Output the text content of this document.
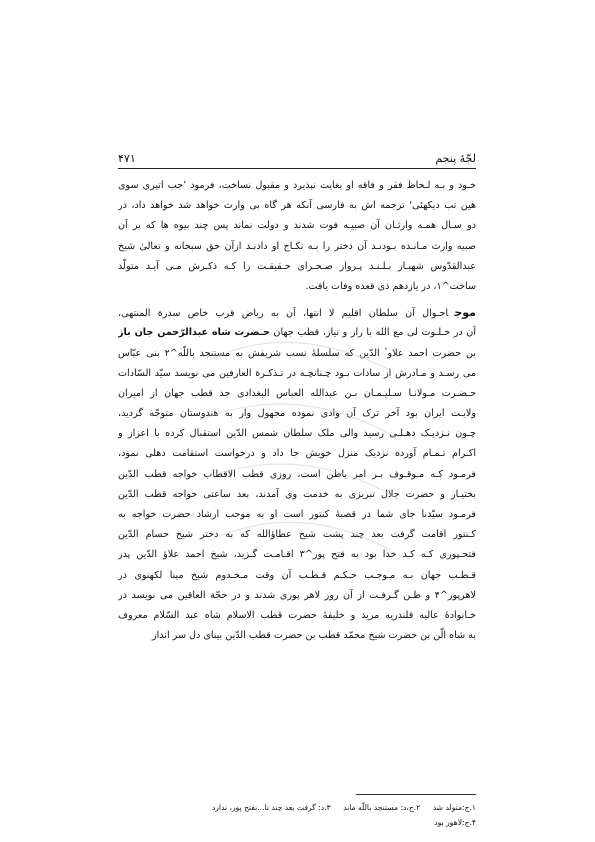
۴۷۱	لجّهٔ پنجم
خـود و بـه لـحاظ فقر و فاقه او بغایت نپذیرد و مقبول نساخت، فرمود ’جب اتیری سوی
ھین تب دیکھئی‘ ترجمه اش به فارسی آنکه هر گاه بی وارث خواهد شد خواهد داد، در
دو سـال همـه وارثـان آن صبیـه فوت شدند و دولت نماند پس چند بیوه ها که بر آن
صبیه وارث مـانـده بـودنـد آن دختر را بـه نکـاح او دادنـد ازآن حق سبحانه و تعالیٰ شیخ
عبدالقدّوس شهبـاز بـلـنـد پـرواز صـحـرای حـقیقـت را کـه ذکـرش مـی آیـد متولّد
ساخت^۱، در یازدهم ذی قعده وفات یافت.
موجاحـوال آن سلطان اقلیم لا انتها، آن به ریاض قرب خاص سدرة المنتهی،
آن در خـلـوت لی مع الله با راز و نیاز، قطب جهان حـضرت شاه عبدالرّحمن جان باز
بن حضرت احمد علاوٴ الدّین که سلسلهٔ نسب شریفش به مستنجد باللّه^۲ بنی عبّاس
می رسـد و مـادرش از سادات بـود چـنانچـه در تـذکـرة العارفین می نویسد سیّد السّادات
حـضـرت مـولانـا سـلیـمـان بـن عبدالله العباس البغدادی جد قطب جهان از امیران
ولایـت ایران بود آخر ترک آن وادی نموده مجهول وار به هندوستان متوجّه گردید،
چـون نـزدیـک دهـلـی رسید والی ملک سلطان شمس الدّین استقبال کرده با اعزاز و
اکـرام تـمـام آورده نزدیک منزل خویش جا داد و درخواست استقامت دهلی نمود،
فرمـود کـه مـوقـوف بـر امر باطن است، روزی قطب الاقطاب خواجه قطب الدّین
بختیـار و حضرت جلال تبریزی به خدمت وی آمدند، بعد ساعتی خواجه قطب الدّین
فرمـود سیّدنا جای شما در قصبهٔ کنتور است او به موجب ارشاد حضرت خواجه به
کـنتور اقامت گرفت بعد چند پشت شیخ عطاؤالله که به دختر شیخ حسام الدّین
فتحـپوری کـه کـد خدا بود به فتح پور^۳ اقـامـت گـزید، شیخ احمد علاؤ الدّین پدر
قـطـب جهان بـه مـوجـب حـکـم قـطـب آن وقت مـخـدوم شیخ مینا لکهنوی در
لاهرپور^۴ و طـن گـرفـت از آن روز لاهر پوری شدند و در حجّة العاقین می نویسد در
خـانوادهٔ عالیه قلندریه مرید و خلیفهٔ حضرت قطب الاسلام شاه عبد السّلام معروف
به شاه الّن بن حضرت شیخ محمّد قطب بن حضرت قطب الدّین بینای دل سر انداز
۱.ج:متولد شد ۲.ج،د: مستنجد باللّه ماند ۳.د: گرفت بعد چند تا...بفتح پور، ندارد
۴.ج:لاهور بود
